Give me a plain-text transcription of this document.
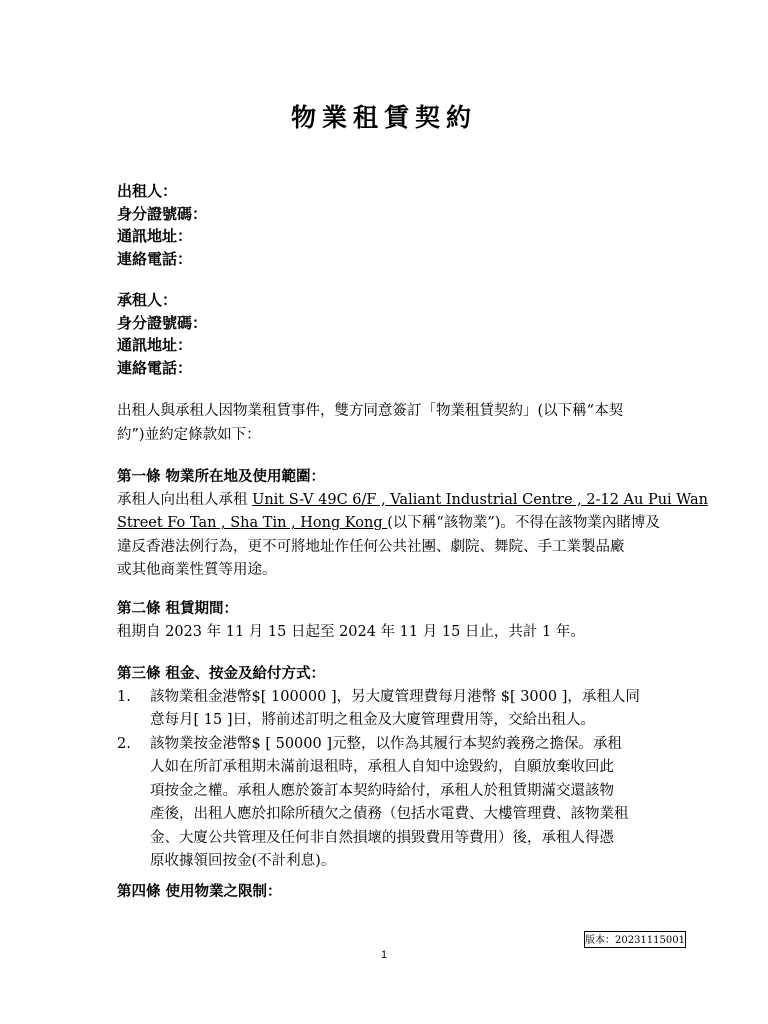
物業租賃契約
出租人：
身分證號碼：
通訊地址：
連絡電話：
承租人：
身分證號碼：
通訊地址：
連絡電話：
出租人與承租人因物業租賃事件，雙方同意簽訂「物業租賃契約」(以下稱“本契
約”)並約定條款如下：
第一條 物業所在地及使用範圍：
承租人向出租人承租 Unit S-V 49C 6/F , Valiant Industrial Centre , 2-12 Au Pui Wan
Street Fo Tan , Sha Tin , Hong Kong (以下稱“該物業”)。不得在該物業內賭博及
違反香港法例行為，更不可將地址作任何公共社團、劇院、舞院、手工業製品廠
或其他商業性質等用途。
第二條 租賃期間：
租期自 2023 年 11 月 15 日起至 2024 年 11 月 15 日止，共計 1 年。
第三條 租金、按金及給付方式：
1. 該物業租金港幣$[ 100000 ]，另大廈管理費每月港幣 $[ 3000 ]，承租人同
意每月[ 15 ]日，將前述訂明之租金及大廈管理費用等，交給出租人。
2. 該物業按金港幣$ [ 50000 ]元整，以作為其履行本契約義務之擔保。承租
人如在所訂承租期未滿前退租時，承租人自知中途毀約，自願放棄收回此
項按金之權。承租人應於簽訂本契約時給付，承租人於租賃期滿交還該物
產後，出租人應於扣除所積欠之債務（包括水電費、大樓管理費、該物業租
金、大廈公共管理及任何非自然損壞的損毀費用等費用）後，承租人得憑
原收據領回按金(不計利息)。
第四條 使用物業之限制：
版本：20231115001
1
